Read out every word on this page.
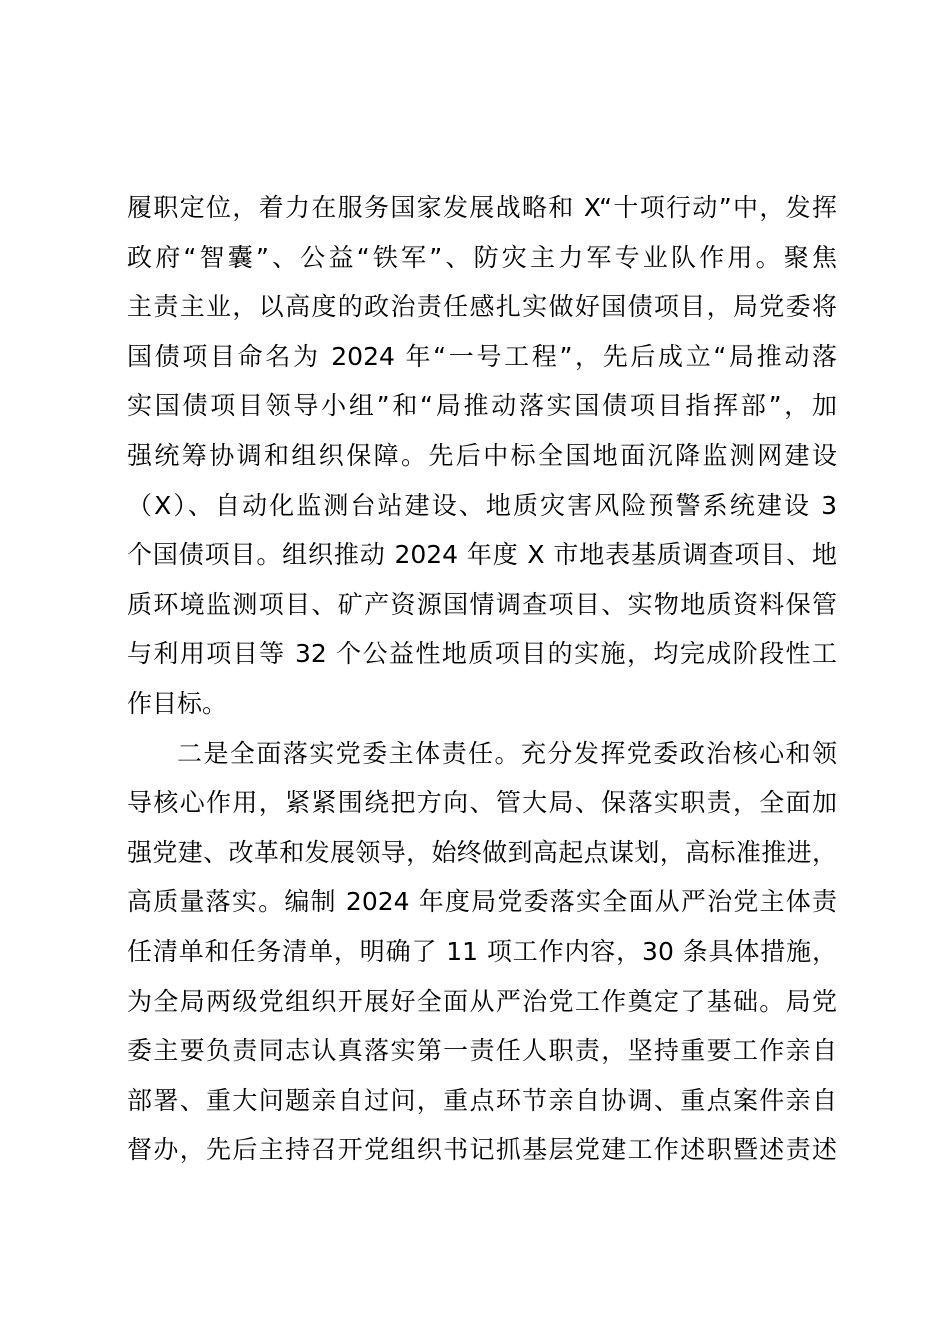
履职定位，着力在服务国家发展战略和 X“十项行动”中，发挥
政府“智囊”、公益“铁军”、防灾主力军专业队作用。聚焦
主责主业，以高度的政治责任感扎实做好国债项目，局党委将
国债项目命名为 2024 年“一号工程”，先后成立“局推动落
实国债项目领导小组”和“局推动落实国债项目指挥部”，加
强统筹协调和组织保障。先后中标全国地面沉降监测网建设
（X）、自动化监测台站建设、地质灾害风险预警系统建设 3
个国债项目。组织推动 2024 年度 X 市地表基质调查项目、地
质环境监测项目、矿产资源国情调查项目、实物地质资料保管
与利用项目等 32 个公益性地质项目的实施，均完成阶段性工
作目标。
二是全面落实党委主体责任。充分发挥党委政治核心和领
导核心作用，紧紧围绕把方向、管大局、保落实职责，全面加
强党建、改革和发展领导，始终做到高起点谋划，高标准推进，
高质量落实。编制 2024 年度局党委落实全面从严治党主体责
任清单和任务清单，明确了 11 项工作内容，30 条具体措施，
为全局两级党组织开展好全面从严治党工作奠定了基础。局党
委主要负责同志认真落实第一责任人职责，坚持重要工作亲自
部署、重大问题亲自过问，重点环节亲自协调、重点案件亲自
督办，先后主持召开党组织书记抓基层党建工作述职暨述责述
